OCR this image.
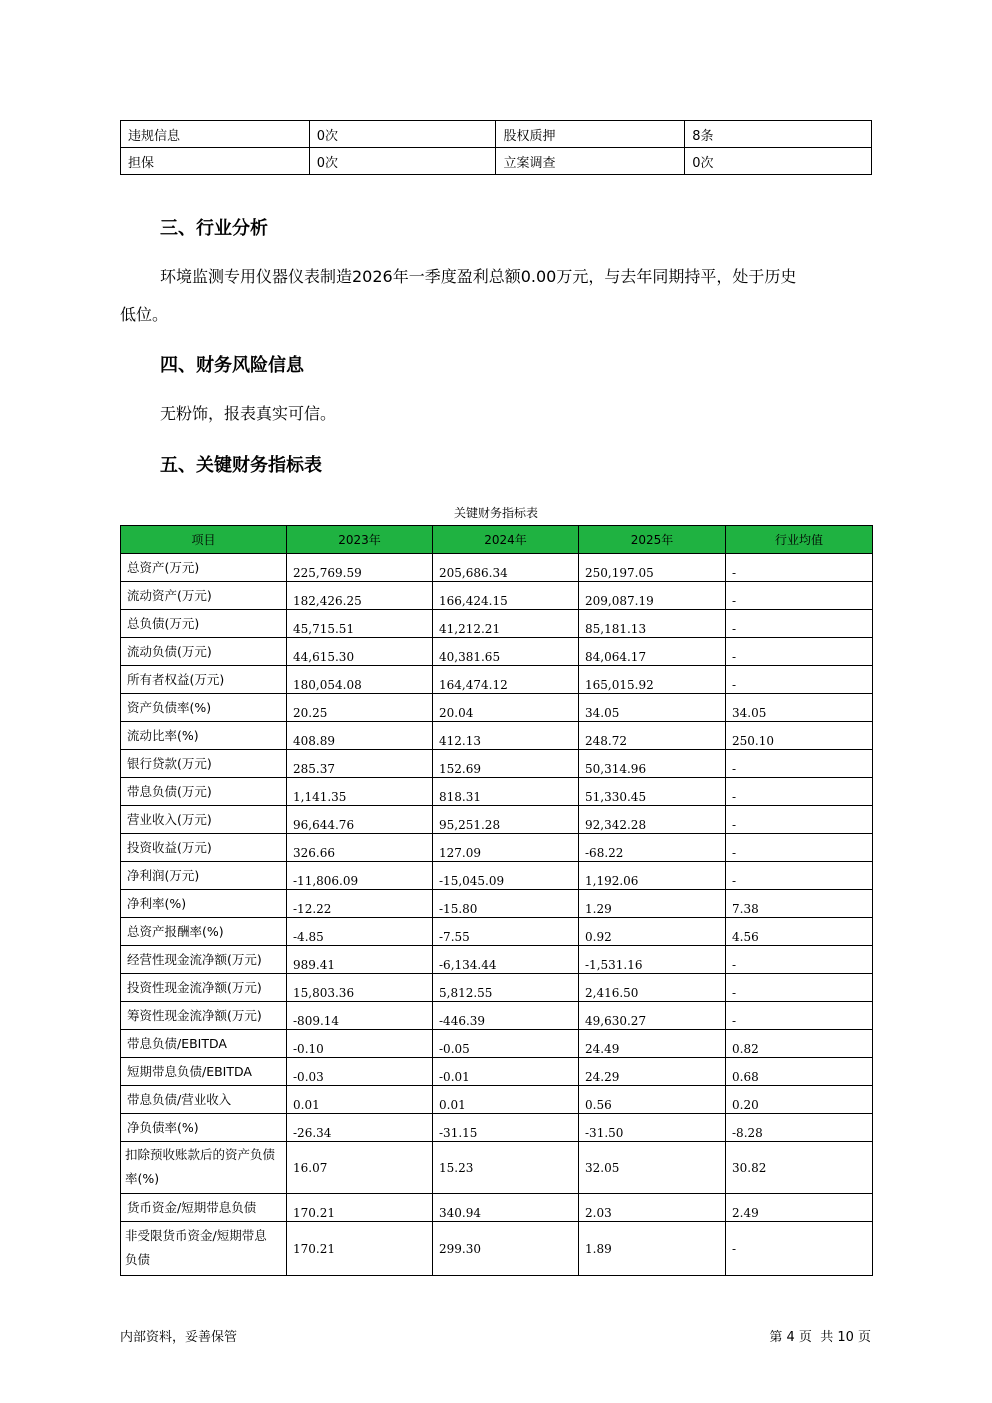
违规信息	0次	股权质押	8条
担保	0次	立案调查	0次
三、行业分析
环境监测专用仪器仪表制造2026年一季度盈利总额0.00万元，与去年同期持平，处于历史
低位。
四、财务风险信息
无粉饰，报表真实可信。
五、关键财务指标表
关键财务指标表
项目	2023年	2024年	2025年	行业均值
总资产(万元)	225,769.59	205,686.34	250,197.05	-
流动资产(万元)	182,426.25	166,424.15	209,087.19	-
总负债(万元)	45,715.51	41,212.21	85,181.13	-
流动负债(万元)	44,615.30	40,381.65	84,064.17	-
所有者权益(万元)	180,054.08	164,474.12	165,015.92	-
资产负债率(%)	20.25	20.04	34.05	34.05
流动比率(%)	408.89	412.13	248.72	250.10
银行贷款(万元)	285.37	152.69	50,314.96	-
带息负债(万元)	1,141.35	818.31	51,330.45	-
营业收入(万元)	96,644.76	95,251.28	92,342.28	-
投资收益(万元)	326.66	127.09	-68.22	-
净利润(万元)	-11,806.09	-15,045.09	1,192.06	-
净利率(%)	-12.22	-15.80	1.29	7.38
总资产报酬率(%)	-4.85	-7.55	0.92	4.56
经营性现金流净额(万元)	989.41	-6,134.44	-1,531.16	-
投资性现金流净额(万元)	15,803.36	5,812.55	2,416.50	-
筹资性现金流净额(万元)	-809.14	-446.39	49,630.27	-
带息负债/EBITDA	-0.10	-0.05	24.49	0.82
短期带息负债/EBITDA	-0.03	-0.01	24.29	0.68
带息负债/营业收入	0.01	0.01	0.56	0.20
净负债率(%)	-26.34	-31.15	-31.50	-8.28

扣除预收账款后的资产负债
率(%)	16.07	15.23	32.05	30.82
货币资金/短期带息负债	170.21	340.94	2.03	2.49

非受限货币资金/短期带息
负债	170.21	299.30	1.89	-
内部资料，妥善保管	第 4 页  共 10 页
